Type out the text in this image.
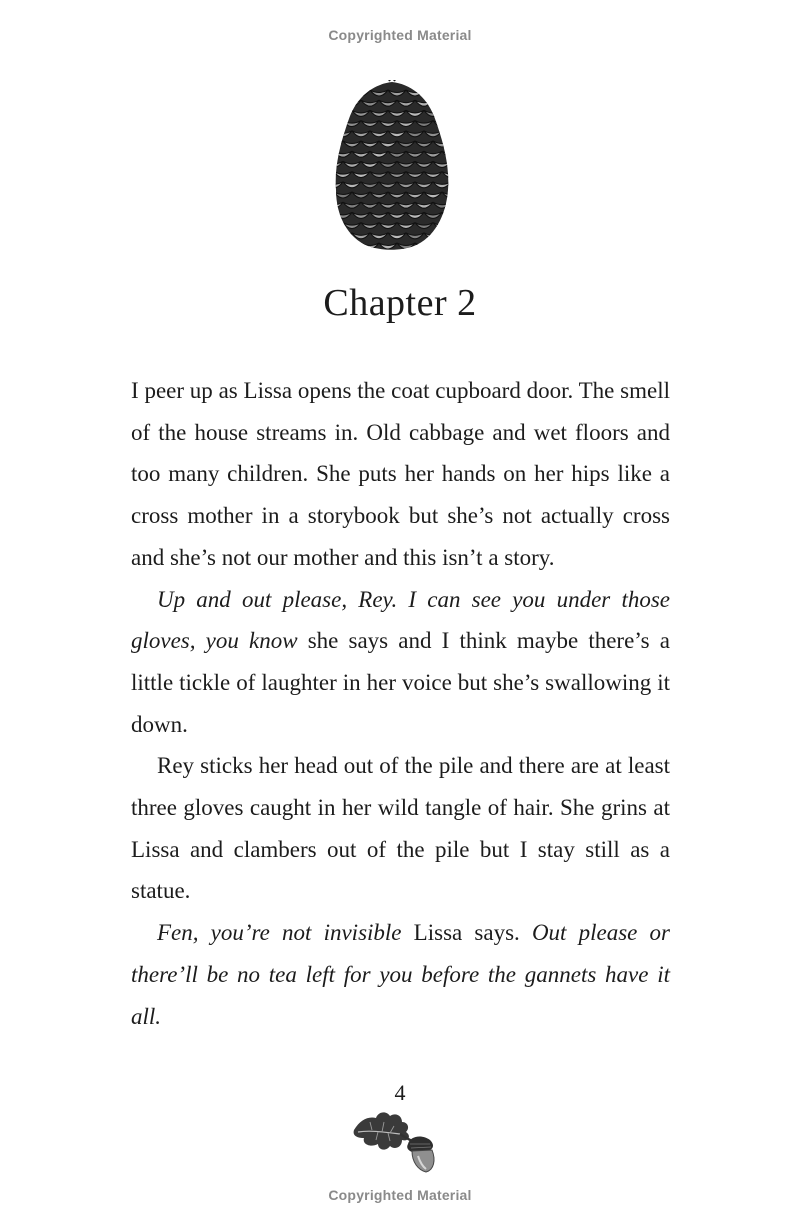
Copyrighted Material
Chapter 2

I peer up as Lissa opens the coat cupboard door. The smell of the house streams in. Old cabbage and wet floors and too many children. She puts her hands on her hips like a cross mother in a storybook but she’s not actually cross and she’s not our mother and this isn’t a story.

Up and out please, Rey. I can see you under those gloves, you know she says and I think maybe there’s a little tickle of laughter in her voice but she’s swallowing it down.

Rey sticks her head out of the pile and there are at least three gloves caught in her wild tangle of hair. She grins at Lissa and clambers out of the pile but I stay still as a statue.

Fen, you’re not invisible Lissa says. Out please or there’ll be no tea left for you before the gannets have it all.

4
Copyrighted Material
